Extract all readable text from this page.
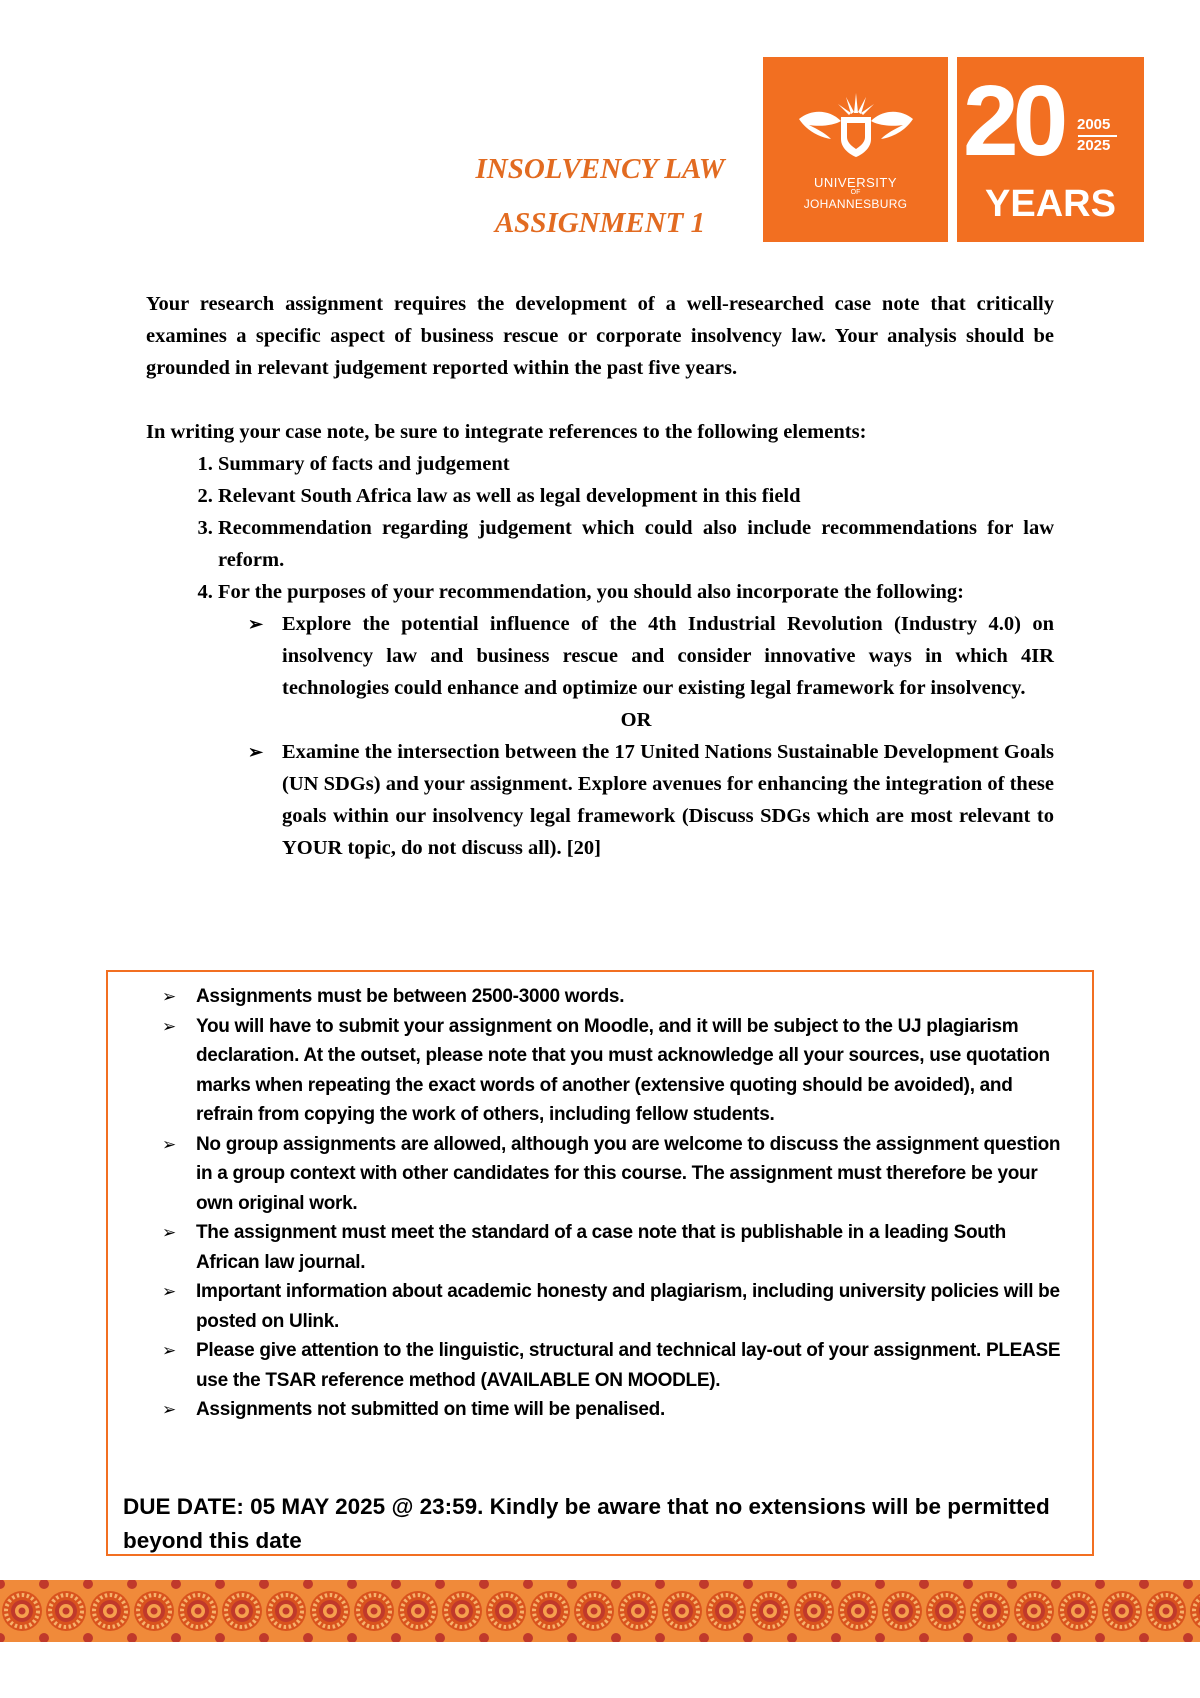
INSOLVENCY LAW
ASSIGNMENT 1
UNIVERSITY
OF
JOHANNESBURG
20 2005
2025
YEARS

Your research assignment requires the development of a well-researched case note that critically examines a specific aspect of business rescue or corporate insolvency law. Your analysis should be grounded in relevant judgement reported within the past five years.

In writing your case note, be sure to integrate references to the following elements:

1. Summary of facts and judgement
2. Relevant South Africa law as well as legal development in this field
3. Recommendation regarding judgement which could also include recommendations for law reform.
4. For the purposes of your recommendation, you should also incorporate the following:
➢ Explore the potential influence of the 4th Industrial Revolution (Industry 4.0) on insolvency law and business rescue and consider innovative ways in which 4IR technologies could enhance and optimize our existing legal framework for insolvency.
OR
➢ Examine the intersection between the 17 United Nations Sustainable Development Goals (UN SDGs) and your assignment. Explore avenues for enhancing the integration of these goals within our insolvency legal framework (Discuss SDGs which are most relevant to YOUR topic, do not discuss all). [20]
➢ Assignments must be between 2500-3000 words.
➢ You will have to submit your assignment on Moodle, and it will be subject to the UJ plagiarism declaration. At the outset, please note that you must acknowledge all your sources, use quotation marks when repeating the exact words of another (extensive quoting should be avoided), and refrain from copying the work of others, including fellow students.
➢ No group assignments are allowed, although you are welcome to discuss the assignment question in a group context with other candidates for this course. The assignment must therefore be your own original work.
➢ The assignment must meet the standard of a case note that is publishable in a leading South African law journal.
➢ Important information about academic honesty and plagiarism, including university policies will be posted on Ulink.
➢ Please give attention to the linguistic, structural and technical lay-out of your assignment. PLEASE use the TSAR reference method (AVAILABLE ON MOODLE).
➢ Assignments not submitted on time will be penalised.
DUE DATE: 05 MAY 2025 @ 23:59. Kindly be aware that no extensions will be permitted beyond this date
